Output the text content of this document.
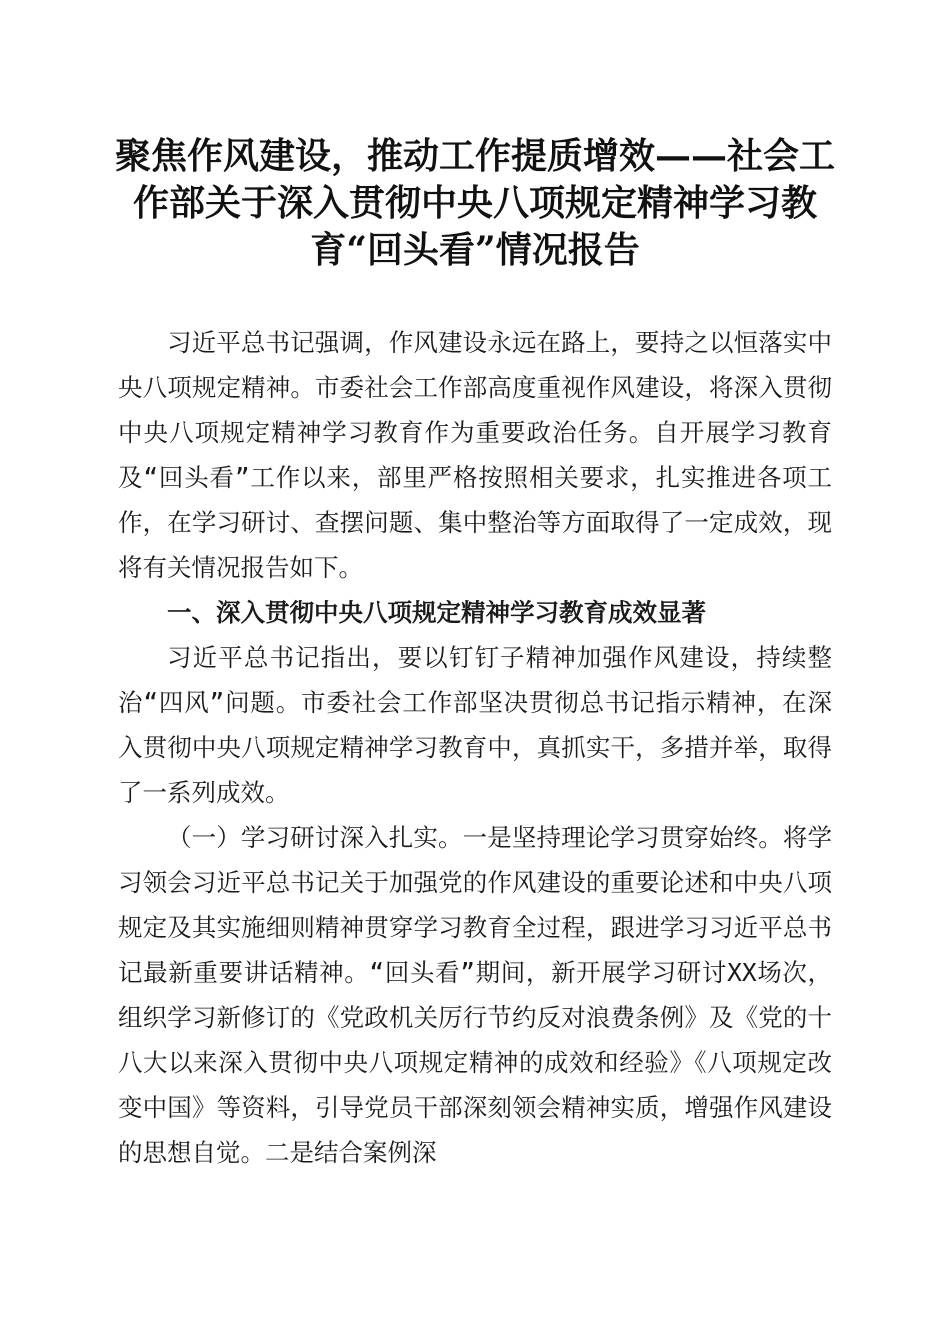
聚焦作风建设，推动工作提质增效——社会工作部关于深入贯彻中央八项规定精神学习教育“回头看”情况报告

习近平总书记强调，作风建设永远在路上，要持之以恒落实中央八项规定精神。市委社会工作部高度重视作风建设，将深入贯彻中央八项规定精神学习教育作为重要政治任务。自开展学习教育及“回头看”工作以来，部里严格按照相关要求，扎实推进各项工作，在学习研讨、查摆问题、集中整治等方面取得了一定成效，现将有关情况报告如下。

一、深入贯彻中央八项规定精神学习教育成效显著

习近平总书记指出，要以钉钉子精神加强作风建设，持续整治“四风”问题。市委社会工作部坚决贯彻总书记指示精神，在深入贯彻中央八项规定精神学习教育中，真抓实干，多措并举，取得了一系列成效。

（一）学习研讨深入扎实。一是坚持理论学习贯穿始终。将学习领会习近平总书记关于加强党的作风建设的重要论述和中央八项规定及其实施细则精神贯穿学习教育全过程，跟进学习习近平总书记最新重要讲话精神。“回头看”期间，新开展学习研讨XX场次，组织学习新修订的《党政机关厉行节约反对浪费条例》及《党的十八大以来深入贯彻中央八项规定精神的成效和经验》《八项规定改变中国》等资料，引导党员干部深刻领会精神实质，增强作风建设的思想自觉。二是结合案例深
